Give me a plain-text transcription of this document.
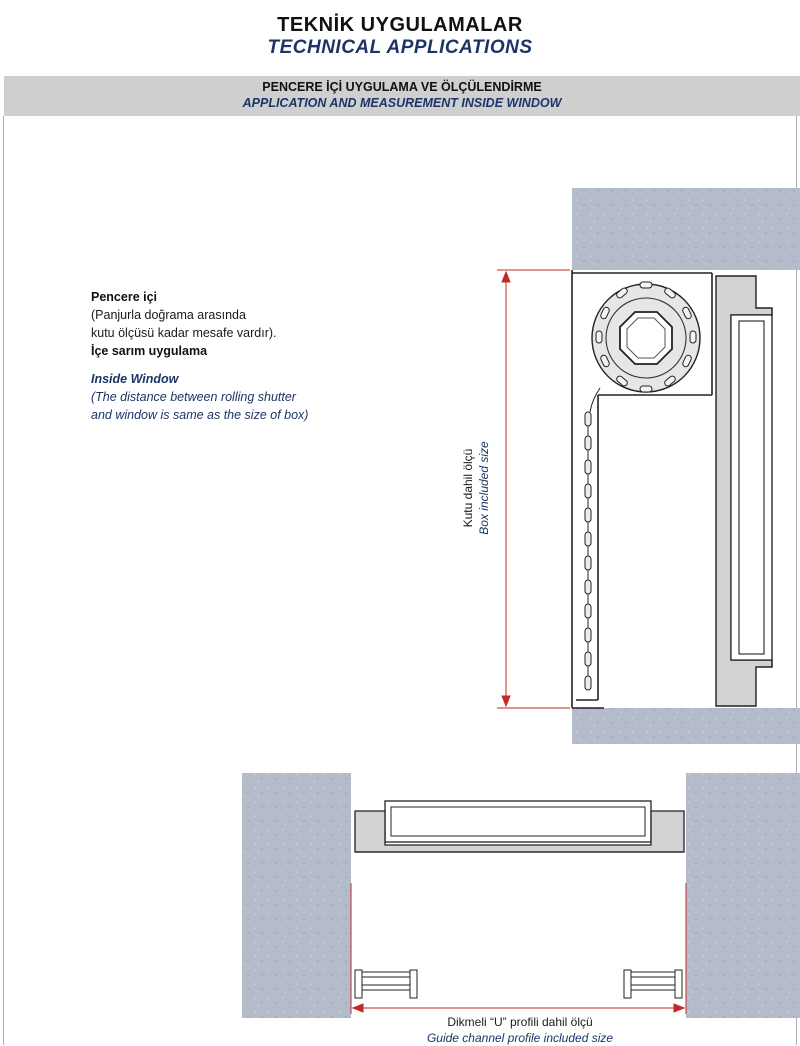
TEKNİK UYGULAMALAR
TECHNICAL APPLICATIONS
PENCERE İÇİ UYGULAMA VE ÖLÇÜLENDİRME
APPLICATION AND MEASUREMENT INSIDE WINDOW
Pencere içi
(Panjurla doğrama arasında
kutu ölçüsü kadar mesafe vardır).
İçe sarım uygulama
Inside Window
(The distance between rolling shutter
and window is same as the size of box)
Kutu dahil ölçü Box included size
Dikmeli “U” profili dahil ölçü
Guide channel profile included size
